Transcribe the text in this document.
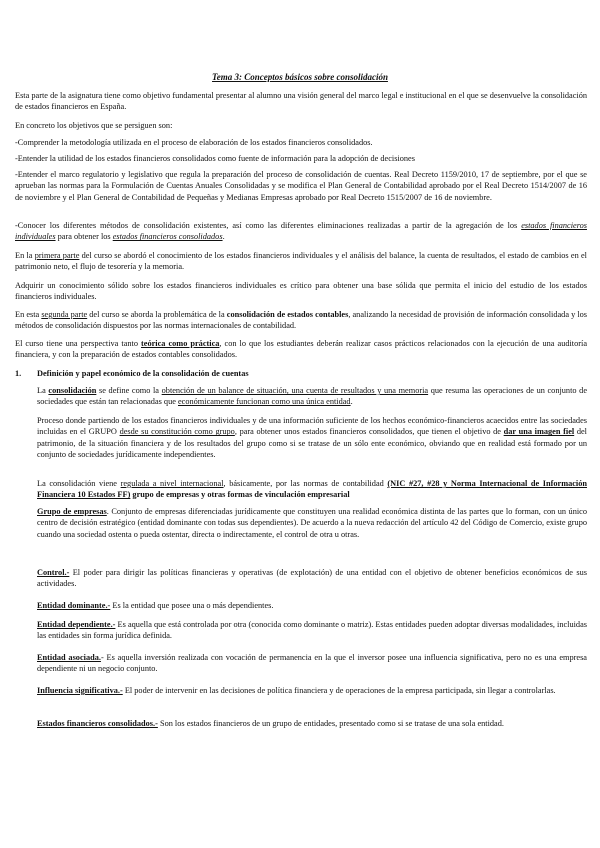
Tema 3: Conceptos básicos sobre consolidación

Esta parte de la asignatura tiene como objetivo fundamental presentar al alumno una visión general del marco legal e institucional en el que se desenvuelve la consolidación de estados financieros en España.

En concreto los objetivos que se persiguen son:

-Comprender la metodología utilizada en el proceso de elaboración de los estados financieros consolidados.

-Entender la utilidad de los estados financieros consolidados como fuente de información para la adopción de decisiones

-Entender el marco regulatorio y legislativo que regula la preparación del proceso de consolidación de cuentas. Real Decreto 1159/2010, 17 de septiembre, por el que se aprueban las normas para la Formulación de Cuentas Anuales Consolidadas y se modifica el Plan General de Contabilidad aprobado por el Real Decreto 1514/2007 de 16 de noviembre y el Plan General de Contabilidad de Pequeñas y Medianas Empresas aprobado por Real Decreto 1515/2007 de 16 de noviembre.

-Conocer los diferentes métodos de consolidación existentes, así como las diferentes eliminaciones realizadas a partir de la agregación de los estados financieros individuales para obtener los estados financieros consolidados.

En la primera parte del curso se abordó el conocimiento de los estados financieros individuales y el análisis del balance, la cuenta de resultados, el estado de cambios en el patrimonio neto, el flujo de tesorería y la memoria.

Adquirir un conocimiento sólido sobre los estados financieros individuales es crítico para obtener una base sólida que permita el inicio del estudio de los estados financieros individuales.

En esta segunda parte del curso se aborda la problemática de la consolidación de estados contables, analizando la necesidad de provisión de información consolidada y los métodos de consolidación dispuestos por las normas internacionales de contabilidad.

El curso tiene una perspectiva tanto teórica como práctica, con lo que los estudiantes deberán realizar casos prácticos relacionados con la ejecución de una auditoría financiera, y con la preparación de estados contables consolidados.

1. Definición y papel económico de la consolidación de cuentas

La consolidación se define como la obtención de un balance de situación, una cuenta de resultados y una memoria que resuma las operaciones de un conjunto de sociedades que están tan relacionadas que económicamente funcionan como una única entidad.

Proceso donde partiendo de los estados financieros individuales y de una información suficiente de los hechos económico-financieros acaecidos entre las sociedades incluidas en el GRUPO desde su constitución como grupo, para obtener unos estados financieros consolidados, que tienen el objetivo de dar una imagen fiel del patrimonio, de la situación financiera y de los resultados del grupo como si se tratase de un sólo ente económico, obviando que en realidad está formado por un conjunto de sociedades jurídicamente independientes.

La consolidación viene regulada a nivel internacional, básicamente, por las normas de contabilidad (NIC #27, #28 y Norma Internacional de Información Financiera 10 Estados FF) grupo de empresas y otras formas de vinculación empresarial

Grupo de empresas. Conjunto de empresas diferenciadas jurídicamente que constituyen una realidad económica distinta de las partes que lo forman, con un único centro de decisión estratégico (entidad dominante con todas sus dependientes). De acuerdo a la nueva redacción del artículo 42 del Código de Comercio, existe grupo cuando una sociedad ostenta o pueda ostentar, directa o indirectamente, el control de otra u otras.

Control.- El poder para dirigir las políticas financieras y operativas (de explotación) de una entidad con el objetivo de obtener beneficios económicos de sus actividades.

Entidad dominante.- Es la entidad que posee una o más dependientes.

Entidad dependiente.- Es aquella que está controlada por otra (conocida como dominante o matriz). Estas entidades pueden adoptar diversas modalidades, incluidas las entidades sin forma jurídica definida.

Entidad asociada.- Es aquella inversión realizada con vocación de permanencia en la que el inversor posee una influencia significativa, pero no es una empresa dependiente ni un negocio conjunto.

Influencia significativa.- El poder de intervenir en las decisiones de política financiera y de operaciones de la empresa participada, sin llegar a controlarlas.

Estados financieros consolidados.- Son los estados financieros de un grupo de entidades, presentado como si se tratase de una sola entidad.
